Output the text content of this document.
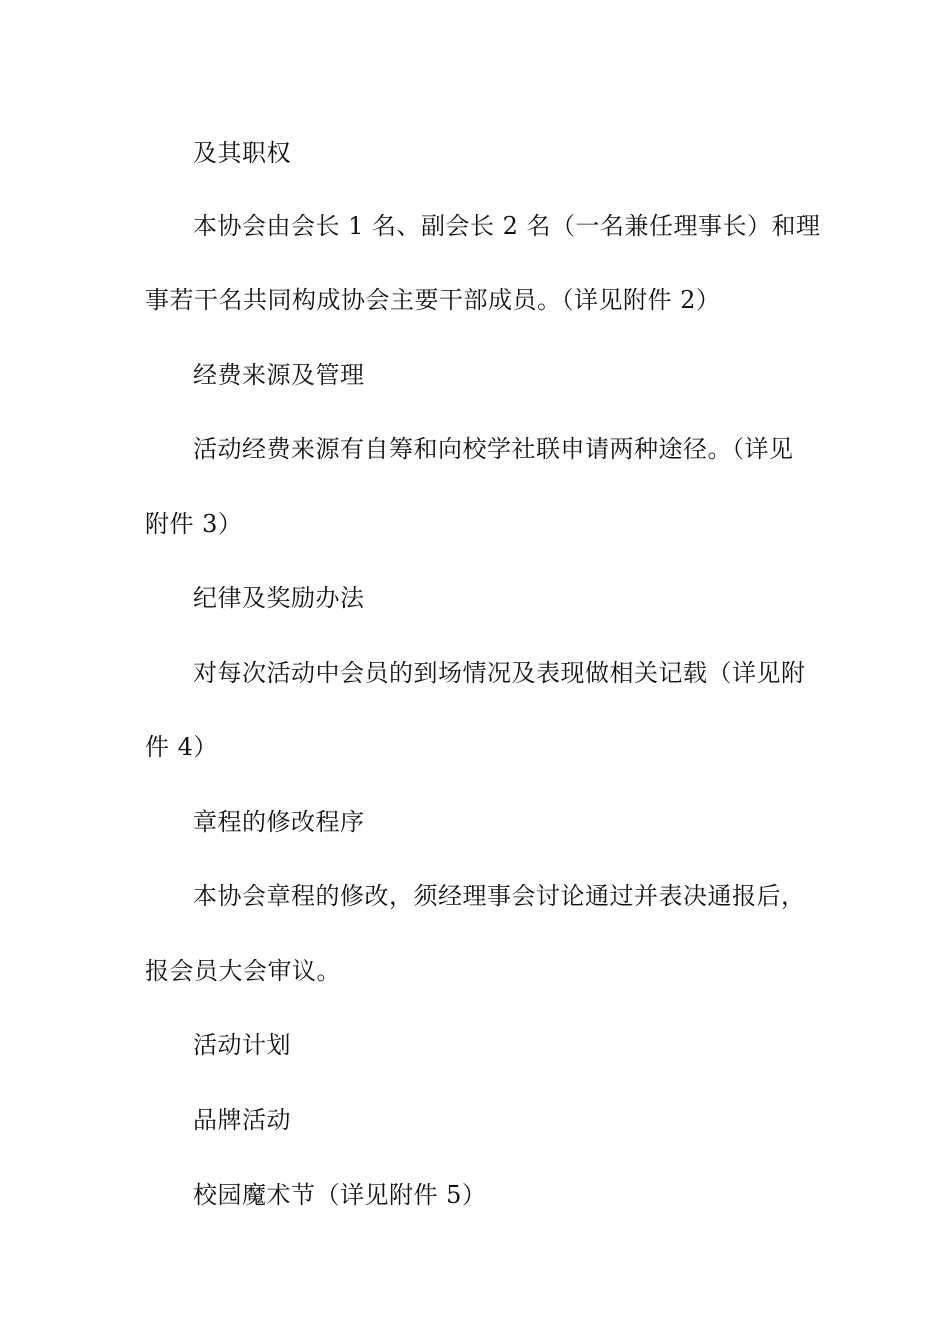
及其职权
本协会由会长 1 名、副会长 2 名（一名兼任理事长）和理
事若干名共同构成协会主要干部成员。（详见附件 2）
经费来源及管理
活动经费来源有自筹和向校学社联申请两种途径。（详见
附件 3）
纪律及奖励办法
对每次活动中会员的到场情况及表现做相关记载（详见附
件 4）
章程的修改程序
本协会章程的修改，须经理事会讨论通过并表决通报后，
报会员大会审议。
活动计划
品牌活动
校园魔术节（详见附件 5）
